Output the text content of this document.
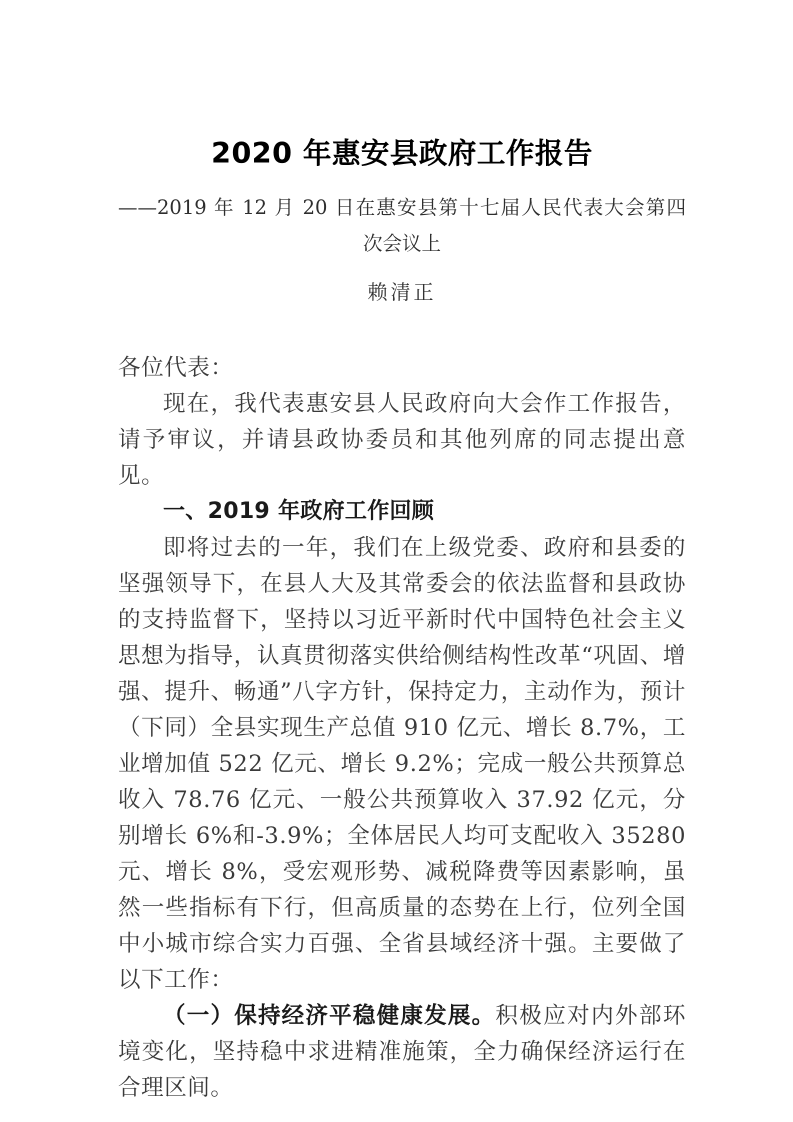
2020 年惠安县政府工作报告
——2019 年 12 月 20 日在惠安县第十七届人民代表大会第四
次会议上
赖清正

各位代表：

现在，我代表惠安县人民政府向大会作工作报告，请予审议，并请县政协委员和其他列席的同志提出意见。

一、2019 年政府工作回顾

即将过去的一年，我们在上级党委、政府和县委的坚强领导下，在县人大及其常委会的依法监督和县政协的支持监督下，坚持以习近平新时代中国特色社会主义思想为指导，认真贯彻落实供给侧结构性改革“巩固、增强、提升、畅通”八字方针，保持定力，主动作为，预计（下同）全县实现生产总值 910 亿元、增长 8.7%，工业增加值 522 亿元、增长 9.2%；完成一般公共预算总收入 78.76 亿元、一般公共预算收入 37.92 亿元，分别增长 6%和-3.9%；全体居民人均可支配收入 35280 元、增长 8%，受宏观形势、减税降费等因素影响，虽然一些指标有下行，但高质量的态势在上行，位列全国中小城市综合实力百强、全省县域经济十强。主要做了以下工作：

（一）保持经济平稳健康发展。积极应对内外部环境变化，坚持稳中求进精准施策，全力确保经济运行在合理区间。
